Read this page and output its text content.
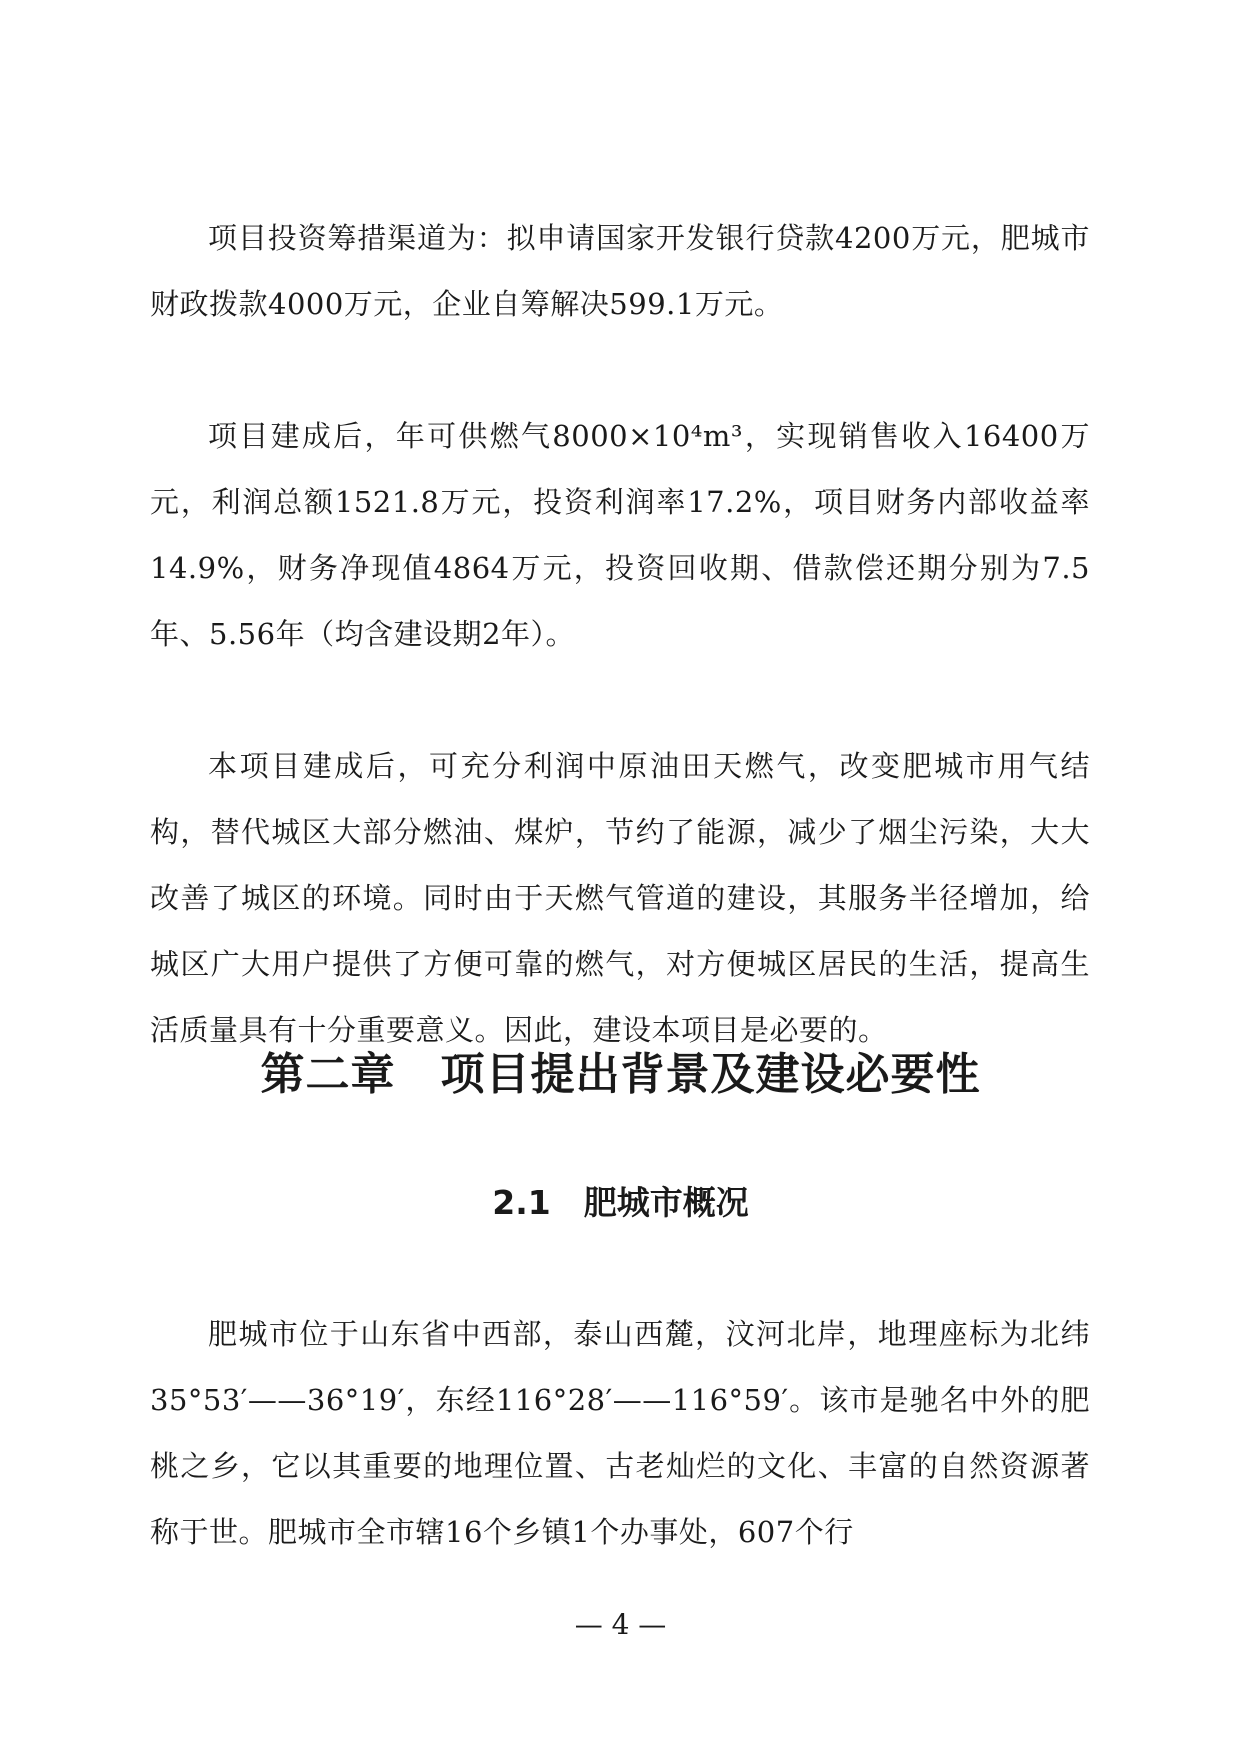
项目投资筹措渠道为：拟申请国家开发银行贷款4200万元，肥城市财政拨款4000万元，企业自筹解决599.1万元。

项目建成后，年可供燃气8000×10⁴m³，实现销售收入16400万元，利润总额1521.8万元，投资利润率17.2%，项目财务内部收益率14.9%，财务净现值4864万元，投资回收期、借款偿还期分别为7.5年、5.56年（均含建设期2年）。

本项目建成后，可充分利润中原油田天燃气，改变肥城市用气结构，替代城区大部分燃油、煤炉，节约了能源，减少了烟尘污染，大大改善了城区的环境。同时由于天燃气管道的建设，其服务半径增加，给城区广大用户提供了方便可靠的燃气，对方便城区居民的生活，提高生活质量具有十分重要意义。因此，建设本项目是必要的。

第二章　项目提出背景及建设必要性
2.1　肥城市概况

肥城市位于山东省中西部，泰山西麓，汶河北岸，地理座标为北纬35°53′——36°19′，东经116°28′——116°59′。该市是驰名中外的肥桃之乡，它以其重要的地理位置、古老灿烂的文化、丰富的自然资源著称于世。肥城市全市辖16个乡镇1个办事处，607个行

— 4 —
